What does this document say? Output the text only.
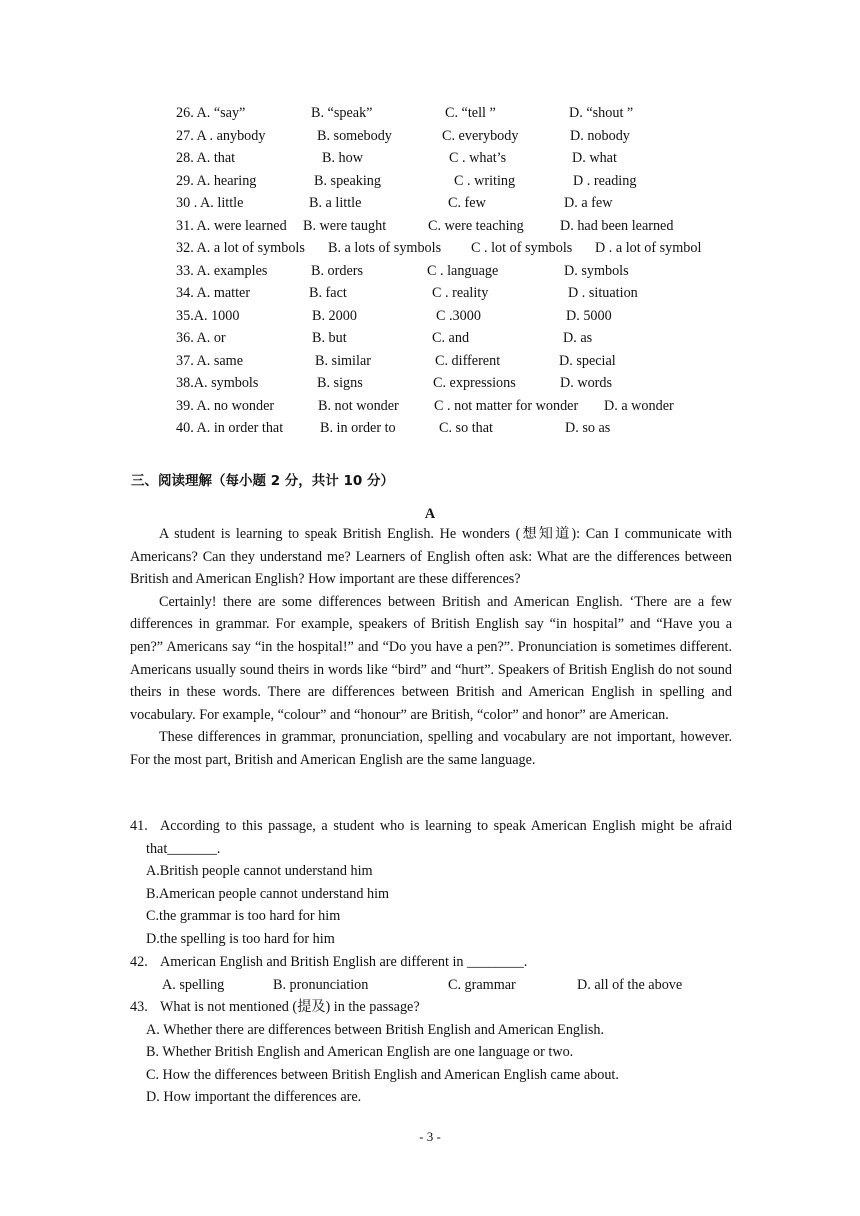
26. A. “say”	B. “speak”	C. “tell ”	D. “shout ”
27. A . anybody	B. somebody	C. everybody	D. nobody
28. A. that	B. how	C . what’s	D. what
29. A. hearing	B. speaking	C . writing	D . reading
30 . A. little	B. a little	C. few	D. a few
31. A. were learned B. were taught	C. were teaching	D. had been learned
32. A. a lot of symbols B. a lots of symbols C . lot of symbols D . a lot of symbol
33. A. examples	B. orders	C . language	D. symbols
34. A. matter	B. fact	C . reality	D . situation
35.A. 1000	B. 2000	C .3000	D. 5000
36. A. or	B. but	C. and	D. as
37. A. same	B. similar	C. different	D. special
38.A. symbols	B. signs	C. expressions	D. words
39. A. no wonder	B. not wonder C . not matter for wonder D. a wonder
40. A. in order that	B. in order to	C. so that	D. so as
三、阅读理解（每小题 2 分，共计 10 分）
A

A student is learning to speak British English. He wonders (想知道): Can I communicate with Americans? Can they understand me? Learners of English often ask: What are the differences between British and American English? How important are these differences?

Certainly! there are some differences between British and American English. ‘There are a few differences in grammar. For example, speakers of British English say “in hospital” and “Have you a pen?” Americans say “in the hospital!” and “Do you have a pen?”. Pronunciation is sometimes different. Americans usually sound theirs in words like “bird” and “hurt”. Speakers of British English do not sound theirs in these words. There are differences between British and American English in spelling and vocabulary. For example, “colour” and “honour” are British, “color” and honor” are American.

These differences in grammar, pronunciation, spelling and vocabulary are not important, however. For the most part, British and American English are the same language.

41. According to this passage, a student who is learning to speak American English might be afraid that_______.
A.British people cannot understand him
B.American people cannot understand him
C.the grammar is too hard for him
D.the spelling is too hard for him
42. American English and British English are different in ________.
A. spelling	B. pronunciation	C. grammar	D. all of the above
43. What is not mentioned (提及) in the passage?
A. Whether there are differences between British English and American English.
B. Whether British English and American English are one language or two.
C. How the differences between British English and American English came about.
D. How important the differences are.
- 3 -
